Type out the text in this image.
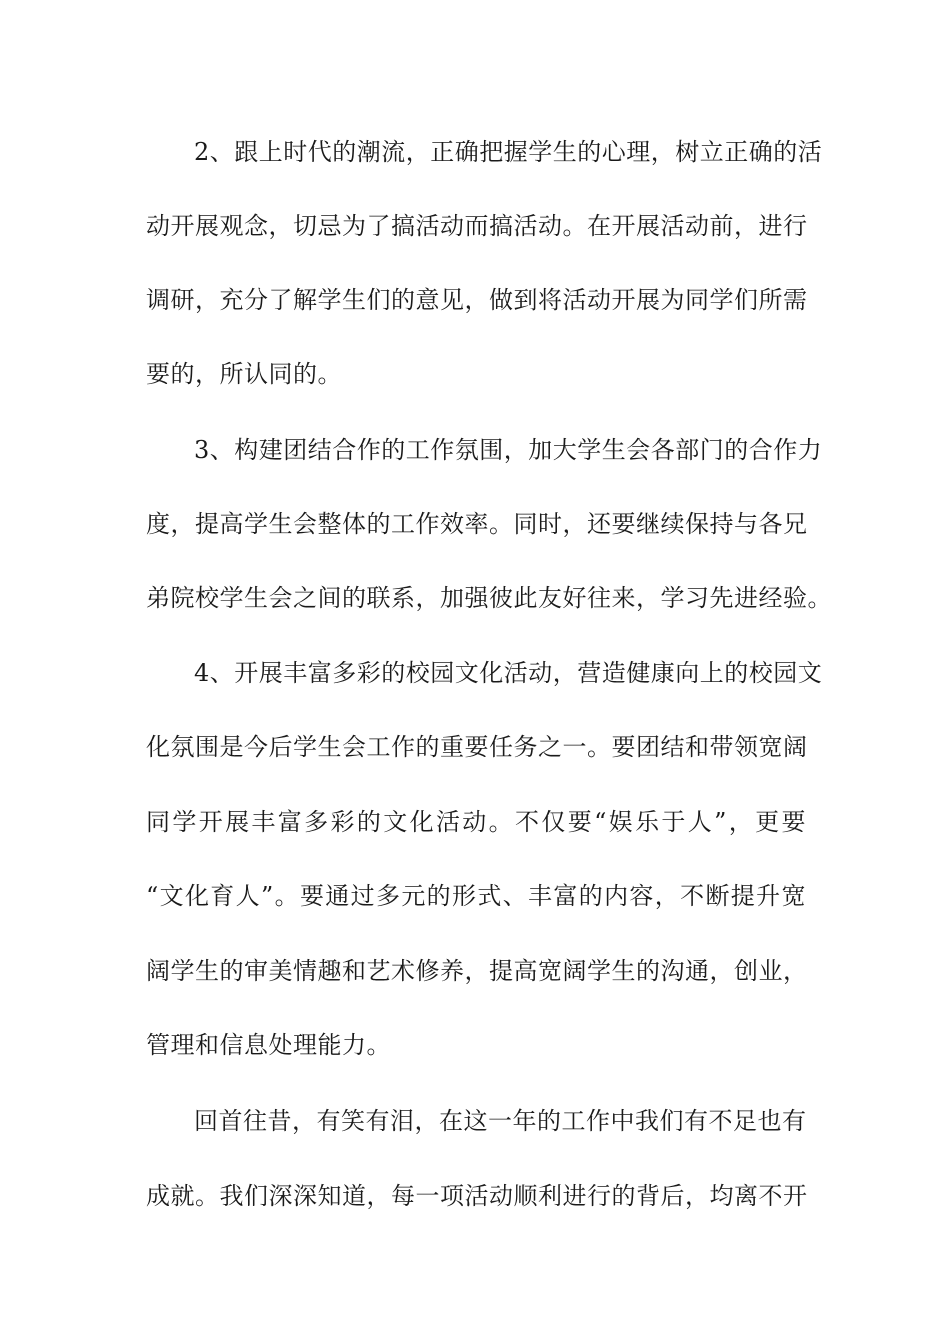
2、跟上时代的潮流，正确把握学生的心理，树立正确的活
动开展观念，切忌为了搞活动而搞活动。在开展活动前，进行
调研，充分了解学生们的意见，做到将活动开展为同学们所需
要的，所认同的。
3、构建团结合作的工作氛围，加大学生会各部门的合作力
度，提高学生会整体的工作效率。同时，还要继续保持与各兄
弟院校学生会之间的联系，加强彼此友好往来，学习先进经验。
4、开展丰富多彩的校园文化活动，营造健康向上的校园文
化氛围是今后学生会工作的重要任务之一。要团结和带领宽阔
同学开展丰富多彩的文化活动。不仅要“娱乐于人”，更要
“文化育人”。要通过多元的形式、丰富的内容，不断提升宽
阔学生的审美情趣和艺术修养，提高宽阔学生的沟通，创业，
管理和信息处理能力。
回首往昔，有笑有泪，在这一年的工作中我们有不足也有
成就。我们深深知道，每一项活动顺利进行的背后，均离不开
